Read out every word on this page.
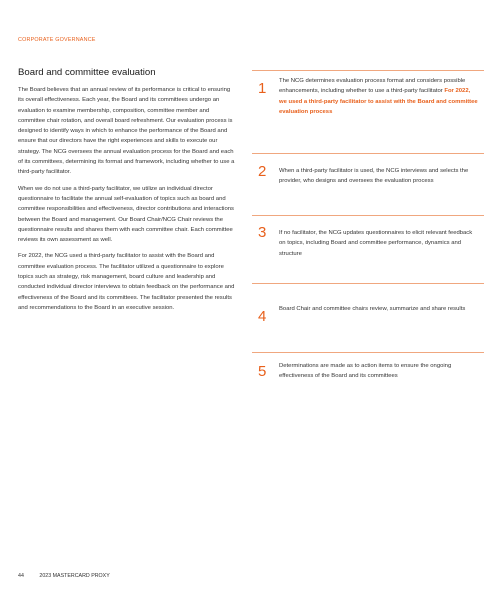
CORPORATE GOVERNANCE
Board and committee evaluation

The Board believes that an annual review of its performance is critical to ensuring its overall effectiveness. Each year, the Board and its committees undergo an evaluation to examine membership, composition, committee member and committee chair rotation, and overall board refreshment. Our evaluation process is designed to identify ways in which to enhance the performance of the Board and ensure that our directors have the right experiences and skills to execute our strategy. The NCG oversees the annual evaluation process for the Board and each of its committees, determining its format and framework, including whether to use a third-party facilitator.

When we do not use a third-party facilitator, we utilize an individual director questionnaire to facilitate the annual self-evaluation of topics such as board and committee responsibilities and effectiveness, director contributions and interactions between the Board and management. Our Board Chair/NCG Chair reviews the questionnaire results and shares them with each committee chair. Each committee reviews its own assessment as well.

For 2022, the NCG used a third-party facilitator to assist with the Board and committee evaluation process. The facilitator utilized a questionnaire to explore topics such as strategy, risk management, board culture and leadership and conducted individual director interviews to obtain feedback on the performance and effectiveness of the Board and its committees. The facilitator presented the results and recommendations to the Board in an executive session.

1 The NCG determines evaluation process format and considers possible enhancements, including whether to use a third-party facilitator For 2022, we used a third-party facilitator to assist with the Board and committee evaluation process
2 When a third-party facilitator is used, the NCG interviews and selects the provider, who designs and oversees the evaluation process
3 If no facilitator, the NCG updates questionnaires to elicit relevant feedback on topics, including Board and committee performance, dynamics and structure
4 Board Chair and committee chairs review, summarize and share results
5 Determinations are made as to action items to ensure the ongoing effectiveness of the Board and its committees
44	2023 MASTERCARD PROXY
